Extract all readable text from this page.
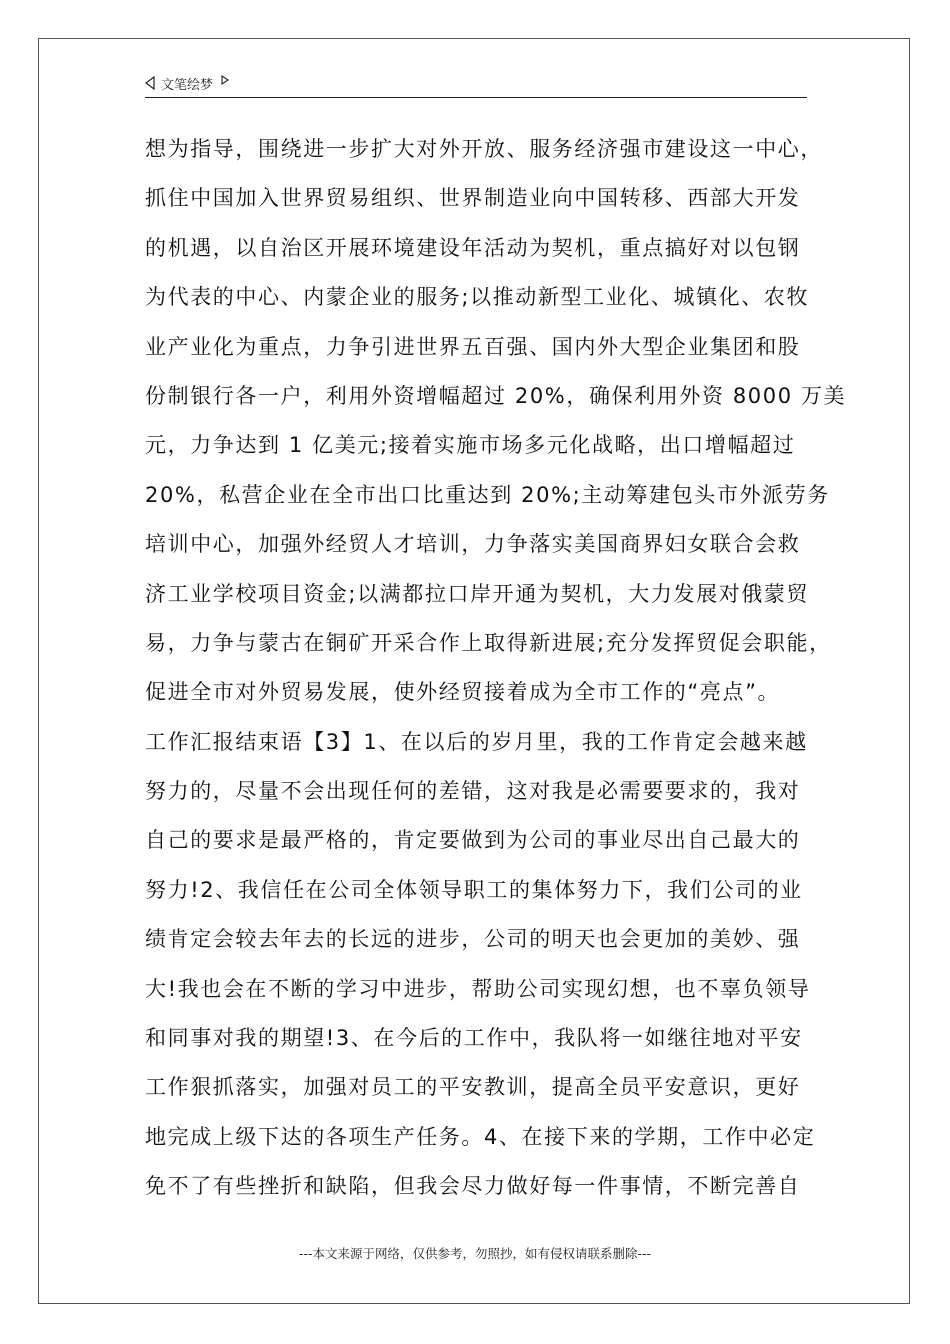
文笔绘梦
想为指导，围绕进一步扩大对外开放、服务经济强市建设这一中心，
抓住中国加入世界贸易组织、世界制造业向中国转移、西部大开发
的机遇，以自治区开展环境建设年活动为契机，重点搞好对以包钢
为代表的中心、内蒙企业的服务;以推动新型工业化、城镇化、农牧
业产业化为重点，力争引进世界五百强、国内外大型企业集团和股
份制银行各一户，利用外资增幅超过 20%，确保利用外资 8000 万美
元，力争达到 1 亿美元;接着实施市场多元化战略，出口增幅超过
20%，私营企业在全市出口比重达到 20%;主动筹建包头市外派劳务
培训中心，加强外经贸人才培训，力争落实美国商界妇女联合会救
济工业学校项目资金;以满都拉口岸开通为契机，大力发展对俄蒙贸
易，力争与蒙古在铜矿开采合作上取得新进展;充分发挥贸促会职能，
促进全市对外贸易发展，使外经贸接着成为全市工作的“亮点”。
工作汇报结束语【3】1、在以后的岁月里，我的工作肯定会越来越
努力的，尽量不会出现任何的差错，这对我是必需要要求的，我对
自己的要求是最严格的，肯定要做到为公司的事业尽出自己最大的
努力!2、我信任在公司全体领导职工的集体努力下，我们公司的业
绩肯定会较去年去的长远的进步，公司的明天也会更加的美妙、强
大!我也会在不断的学习中进步，帮助公司实现幻想，也不辜负领导
和同事对我的期望!3、在今后的工作中，我队将一如继往地对平安
工作狠抓落实，加强对员工的平安教训，提高全员平安意识，更好
地完成上级下达的各项生产任务。4、在接下来的学期，工作中必定
免不了有些挫折和缺陷，但我会尽力做好每一件事情，不断完善自
---本文来源于网络，仅供参考，勿照抄，如有侵权请联系删除---
